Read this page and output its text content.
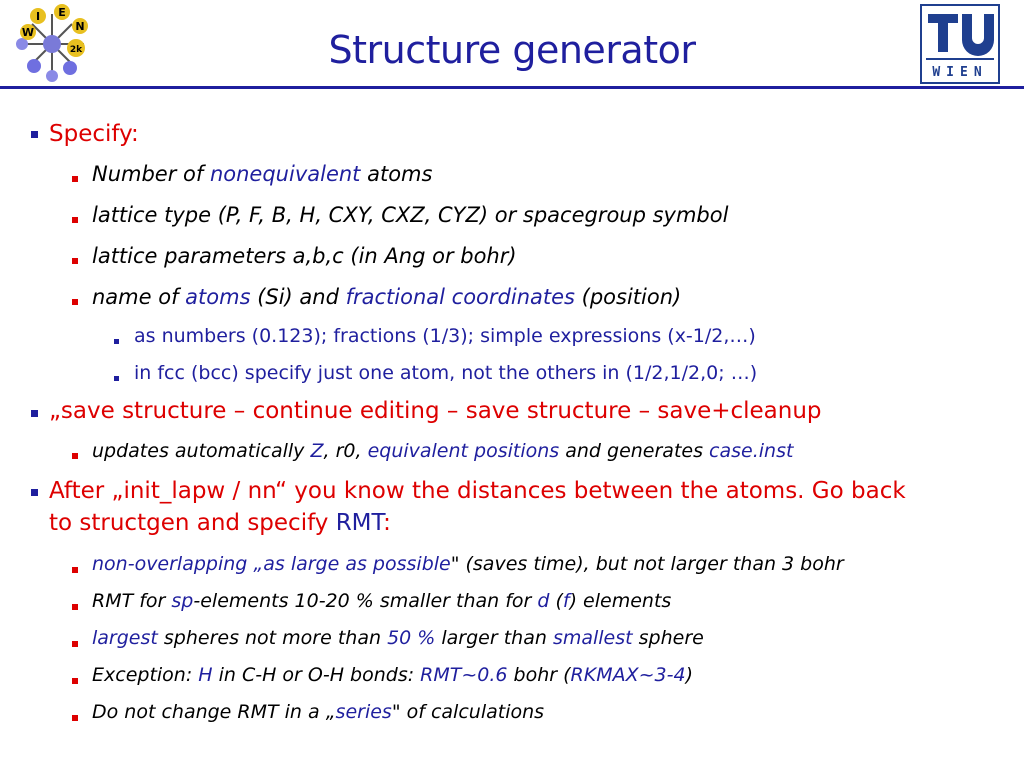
W
I E
N
2k
WIEN
Structure generator
Specify:
Number of nonequivalent atoms
lattice type (P, F, B, H, CXY, CXZ, CYZ) or spacegroup symbol
lattice parameters a,b,c (in Ang or bohr)
name of atoms (Si) and fractional coordinates (position)
as numbers (0.123); fractions (1/3); simple expressions (x-1/2,…)
in fcc (bcc) specify just one atom, not the others in (1/2,1/2,0; …)
„save structure – continue editing – save structure – save+cleanup
updates automatically Z, r0, equivalent positions and generates case.inst
After „init_lapw / nn“ you know the distances between the atoms. Go back
to structgen and specify RMT:
non-overlapping „as large as possible" (saves time), but not larger than 3 bohr
RMT for sp-elements 10-20 % smaller than for d (f) elements
largest spheres not more than 50 % larger than smallest sphere
Exception: H in C-H or O-H bonds: RMT~0.6 bohr (RKMAX~3-4)
Do not change RMT in a „series" of calculations
